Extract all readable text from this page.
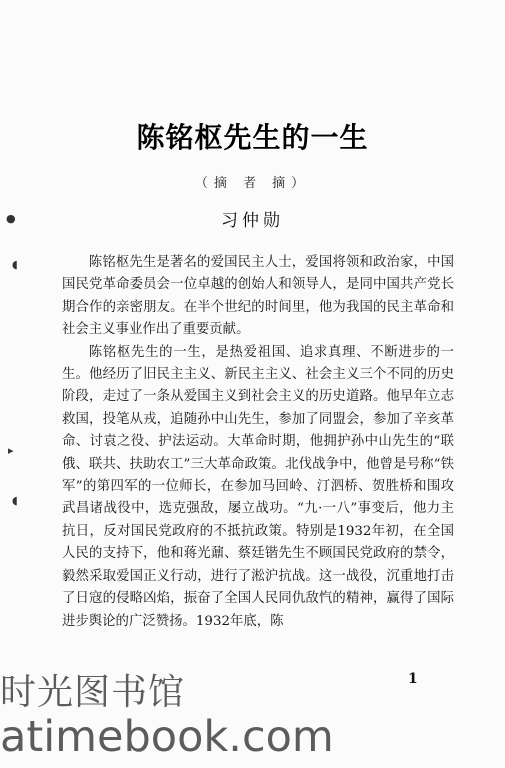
●
◖
▸
◖
陈铭枢先生的一生
（摘 者 摘）
习仲勋

陈铭枢先生是著名的爱国民主人士，爱国将领和政治家，中国国民党革命委员会一位卓越的创始人和领导人，是同中国共产党长期合作的亲密朋友。在半个世纪的时间里，他为我国的民主革命和社会主义事业作出了重要贡献。

陈铭枢先生的一生，是热爱祖国、追求真理、不断进步的一生。他经历了旧民主主义、新民主主义、社会主义三个不同的历史阶段，走过了一条从爱国主义到社会主义的历史道路。他早年立志救国，投笔从戎，追随孙中山先生，参加了同盟会，参加了辛亥革命、讨袁之役、护法运动。大革命时期，他拥护孙中山先生的“联俄、联共、扶助农工”三大革命政策。北伐战争中，他曾是号称“铁军”的第四军的一位师长，在参加马回岭、汀泗桥、贺胜桥和围攻武昌诸战役中，选克强敌，屡立战功。“九·一八”事变后，他力主抗日，反对国民党政府的不抵抗政策。特别是1932年初，在全国人民的支持下，他和蒋光鼐、蔡廷锴先生不顾国民党政府的禁令，毅然采取爱国正义行动，进行了淞沪抗战。这一战役，沉重地打击了日寇的侵略凶焰，振奋了全国人民同仇敌忾的精神，赢得了国际进步舆论的广泛赞扬。1932年底，陈

1
时光图书馆
atimebook.com
